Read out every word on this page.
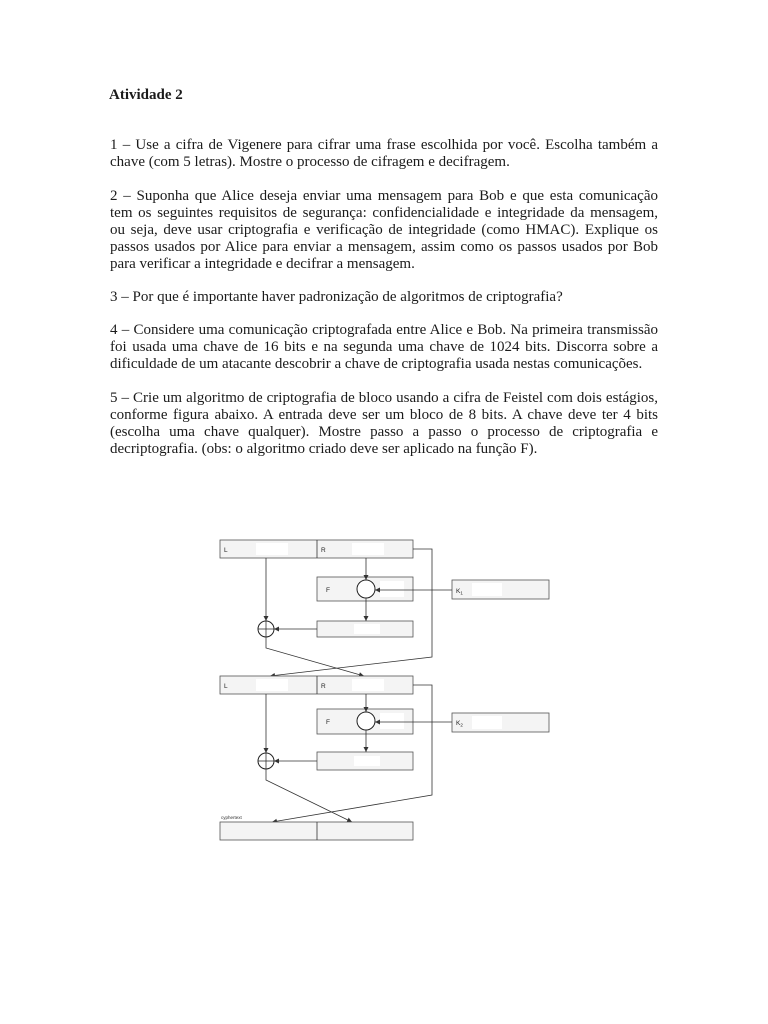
Atividade 2
1 – Use a cifra de Vigenere para cifrar uma frase escolhida por você. Escolha também a
chave (com 5 letras). Mostre o processo de cifragem e decifragem.
2 – Suponha que Alice deseja enviar uma mensagem para Bob e que esta comunicação
tem os seguintes requisitos de segurança: confidencialidade e integridade da mensagem,
ou seja, deve usar criptografia e verificação de integridade (como HMAC). Explique os
passos usados por Alice para enviar a mensagem, assim como os passos usados por Bob
para verificar a integridade e decifrar a mensagem.
3 – Por que é importante haver padronização de algoritmos de criptografia?
4 – Considere uma comunicação criptografada entre Alice e Bob. Na primeira transmissão
foi usada uma chave de 16 bits e na segunda uma chave de 1024 bits. Discorra sobre a
dificuldade de um atacante descobrir a chave de criptografia usada nestas comunicações.
5 – Crie um algoritmo de criptografia de bloco usando a cifra de Feistel com dois estágios,
conforme figura abaixo. A entrada deve ser um bloco de 8 bits. A chave deve ter 4 bits
(escolha uma chave qualquer). Mostre passo a passo o processo de criptografia e
decriptografia. (obs: o algoritmo criado deve ser aplicado na função F).
L	R
F	$K_1$
L	R
F	$K_2$
cyphertext
